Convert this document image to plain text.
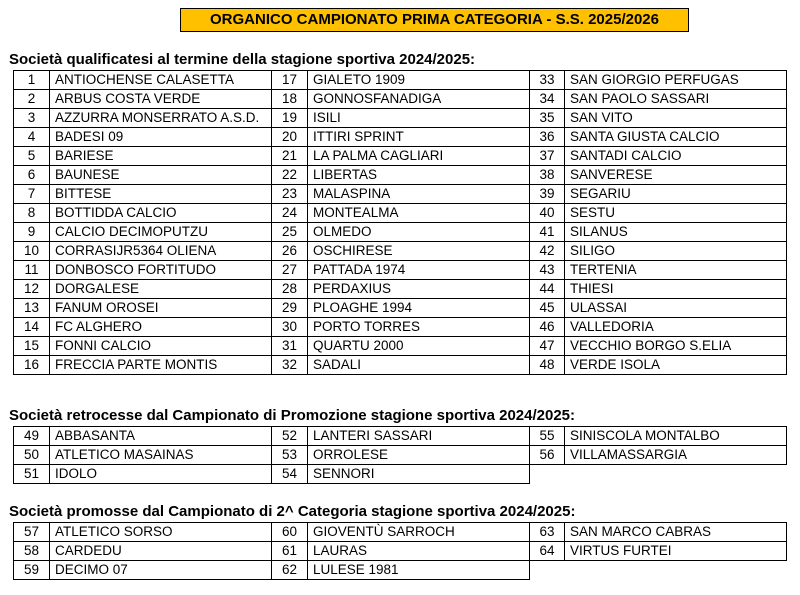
ORGANICO CAMPIONATO PRIMA CATEGORIA - S.S. 2025/2026
Società qualificatesi al termine della stagione sportiva 2024/2025:
1	ANTIOCHENSE CALASETTA	17	GIALETO 1909	33	SAN GIORGIO PERFUGAS
2	ARBUS COSTA VERDE	18	GONNOSFANADIGA	34	SAN PAOLO SASSARI
3	AZZURRA MONSERRATO A.S.D.	19	ISILI	35	SAN VITO
4	BADESI 09	20	ITTIRI SPRINT	36	SANTA GIUSTA CALCIO
5	BARIESE	21	LA PALMA CAGLIARI	37	SANTADI CALCIO
6	BAUNESE	22	LIBERTAS	38	SANVERESE
7	BITTESE	23	MALASPINA	39	SEGARIU
8	BOTTIDDA CALCIO	24	MONTEALMA	40	SESTU
9	CALCIO DECIMOPUTZU	25	OLMEDO	41	SILANUS
10	CORRASIJR5364 OLIENA	26	OSCHIRESE	42	SILIGO
11	DONBOSCO FORTITUDO	27	PATTADA 1974	43	TERTENIA
12	DORGALESE	28	PERDAXIUS	44	THIESI
13	FANUM OROSEI	29	PLOAGHE 1994	45	ULASSAI
14	FC ALGHERO	30	PORTO TORRES	46	VALLEDORIA
15	FONNI CALCIO	31	QUARTU 2000	47	VECCHIO BORGO S.ELIA
16	FRECCIA PARTE MONTIS	32	SADALI	48	VERDE ISOLA
Società retrocesse dal Campionato di Promozione stagione sportiva 2024/2025:
49	ABBASANTA	52	LANTERI SASSARI	55	SINISCOLA MONTALBO
50	ATLETICO MASAINAS	53	ORROLESE	56	VILLAMASSARGIA
51	IDOLO	54	SENNORI		
Società promosse dal Campionato di 2^ Categoria stagione sportiva 2024/2025:
57	ATLETICO SORSO	60	GIOVENTÙ SARROCH	63	SAN MARCO CABRAS
58	CARDEDU	61	LAURAS	64	VIRTUS FURTEI
59	DECIMO 07	62	LULESE 1981		
